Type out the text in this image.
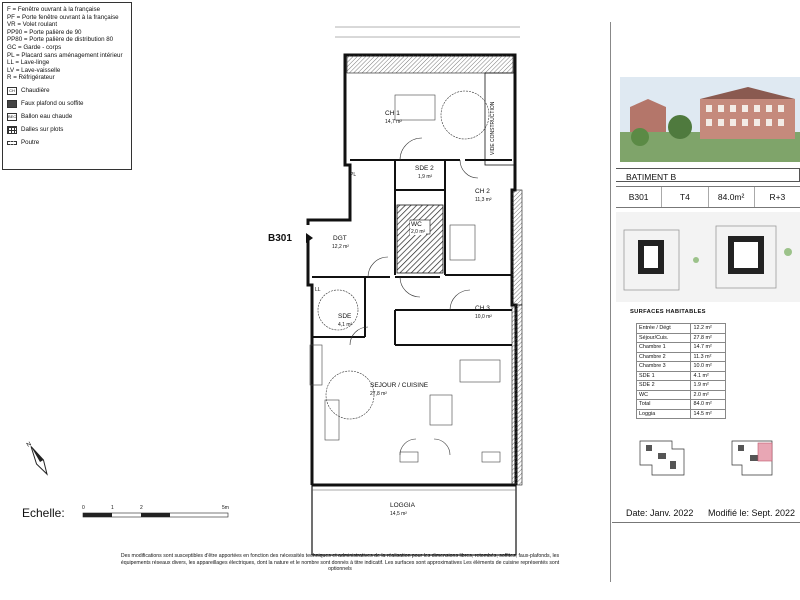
F = Fenêtre ouvrant à la française
PF = Porte fenêtre ouvrant à la française
VR = Volet roulant
PP90 = Porte palière de 90
PP80 = Porte palière de distribution 80
GC = Garde - corps
PL = Placard sans aménagement intérieur
LL = Lave-linge
LV = Lave-vaisselle
R = Réfrigérateur
CH Chaudière
Faux plafond ou soffite
BEC Ballon eau chaude
Dalles sur plots
Poutre
CH 1
14,7 m²
SDE 2
1,9 m²
CH 2
11,3 m²
DGT
12,2 m²
WC
2,0 m²
CH 3
10,0 m²
SDE
4,1 m²
SEJOUR / CUISINE
27,8 m²
LOGGIA
14,5 m²
PL
LL
VIDE CONSTRUCTION
B301
N
Echelle:	0	1	2	5m
Des modifications sont susceptibles d'être apportées en fonction des nécessités techniques et administratives de la réalisation pour les dimensions libres, retombés, soffites, faux-plafonds, les équipements réseaux divers, les appareillages électriques, dont la nature et le nombre sont donnés à titre indicatif. Les surfaces sont approximatives Les éléments de cuisine représentés sont optionnels
BATIMENT B
B301	T4	84.0m²	R+3
SURFACES HABITABLES
Entrée / Dégt	12.2 m²
Séjour/Cuis.	27.8 m²
Chambre 1	14.7 m²
Chambre 2	11.3 m²
Chambre 3	10.0 m²
SDE 1	4.1 m²
SDE 2	1.9 m²
WC	2.0 m²
Total	84.0 m²
Loggia	14.5 m²
Date: Janv. 2022 Modifié le: Sept. 2022
